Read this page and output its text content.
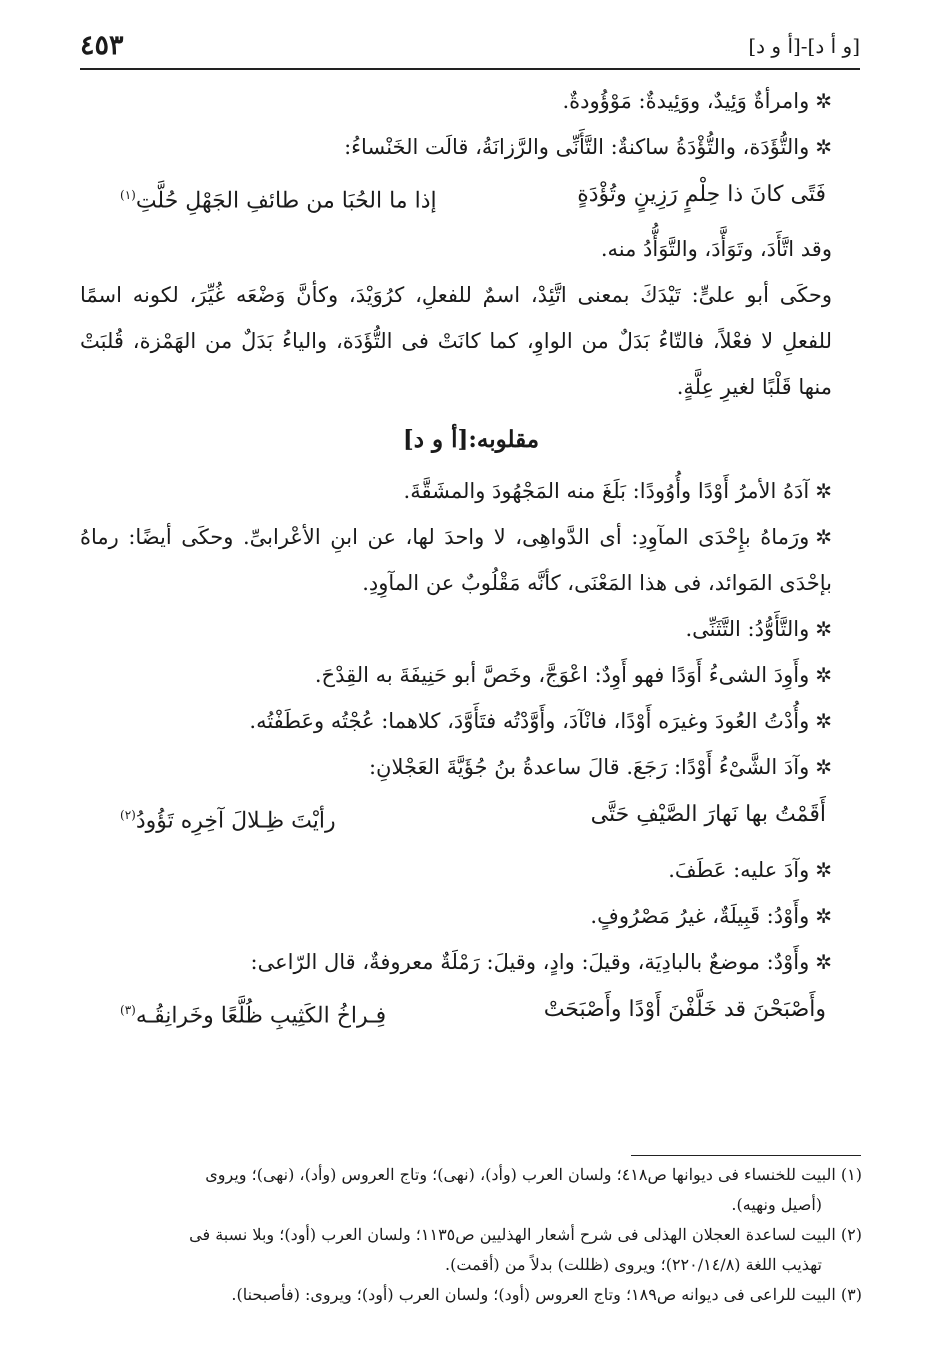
٤٥٣	[و أ د]-[أ و د]

✲وامرأةٌ وَئِيدٌ، ووَئِيدةٌ: مَوْؤُودةٌ.

✲والتُّؤَدَة، والتُّؤْدَةُ ساكنةٌ: التَّأَنِّى والرَّزانَةُ، قالَت الخَنْساءُ:

فَتًى كانَ ذا حِلْمٍ رَزِينٍ وتُؤْدَةٍ
إذا ما الحُبَا من طائفِ الجَهْلِ حُلَّتِ$^{(١)}$

وقد اتَّأَدَ، وتَوَأَّدَ، والتَّوَأُّدُ منه.

وحكَى أبو علىٍّ: تَيْدَكَ بمعنى اتَّئِدْ، اسمٌ للفعلِ، كرُوَيْدَ، وكأنَّ وَضْعَه غُيِّرَ، لكونه اسمًا للفعلِ لا فعْلاً، فالتّاءُ بَدَلٌ من الواوِ، كما كانَتْ فى التُّؤَدَة، والياءُ بَدَلٌ من الهَمْزة، قُلبَتْ منها قَلْبًا لغيرِ عِلَّةٍ.

مقلوبه:[أ و د]

✲آدَهُ الأمرُ أَوْدًا وأُوُودًا: بَلَغَ منه المَجْهُودَ والمشَقَّةَ.

✲ورَماهُ بإِحْدَى المآوِدِ: أى الدَّواهِى، لا واحدَ لها، عن ابنِ الأعْرابىِّ. وحكَى أيضًا: رماهُ بإحْدَى المَوائد، فى هذا المَعْنَى، كأنَّه مَقْلُوبٌ عن المآوِدِ.

✲والتَّأَوُّدُ: التَّثَنِّى.

✲وأَوِدَ الشىءُ أَوَدًا فهو أَوِدٌ: اعْوَجَّ، وخَصَّ أبو حَنِيفَةَ به القِدْحَ.

✲وأُدْتُ العُودَ وغيرَه أَوْدًا، فانْآدَ، وأَوَّدْتُه فتَأَوَّدَ، كلاهما: عُجْتُه وعَطَفْتُه.

✲وآدَ الشَّىْءُ أَوْدًا: رَجَعَ. قالَ ساعدةُ بنُ جُؤَيَّةَ العَجْلانِ:

أَقَمْتُ بها نَهارَ الصَّيْفِ حَتَّى
رأيْتَ ظِـلالَ آخِرِه تَؤُودُ$^{(٢)}$

✲وآدَ عليه: عَطَفَ.

✲وأَوْدُ: قَبِيلَةٌ، غيرُ مَصْرُوفٍ.

✲وأَوْدٌ: موضعٌ بالبادِيَة، وقيلَ: وادٍ، وقيلَ: رَمْلَةٌ معروفةٌ، قال الرّاعى:

وأَصْبَحْنَ قد خَلَّفْنَ أَوْدًا وأَصْبَحَتْ
فِـراخُ الكَثِيبِ ظُلَّعًا وخَرانِقُـه$^{(٣)}$

(١) البيت للخنساء فى ديوانها ص٤١٨؛ ولسان العرب (وأد)، (نهى)؛ وتاج العروس (وأد)، (نهى)؛ ويروى

(أصيل ونهيه).

(٢) البيت لساعدة العجلان الهذلى فى شرح أشعار الهذليين ص١١٣٥؛ ولسان العرب (أود)؛ وبلا نسبة فى

تهذيب اللغة (٢٢٠/١٤/٨)؛ ويروى (ظللت) بدلاً من (أقمت).

(٣) البيت للراعى فى ديوانه ص١٨٩؛ وتاج العروس (أود)؛ ولسان العرب (أود)؛ ويروى: (فأصبحنا).
